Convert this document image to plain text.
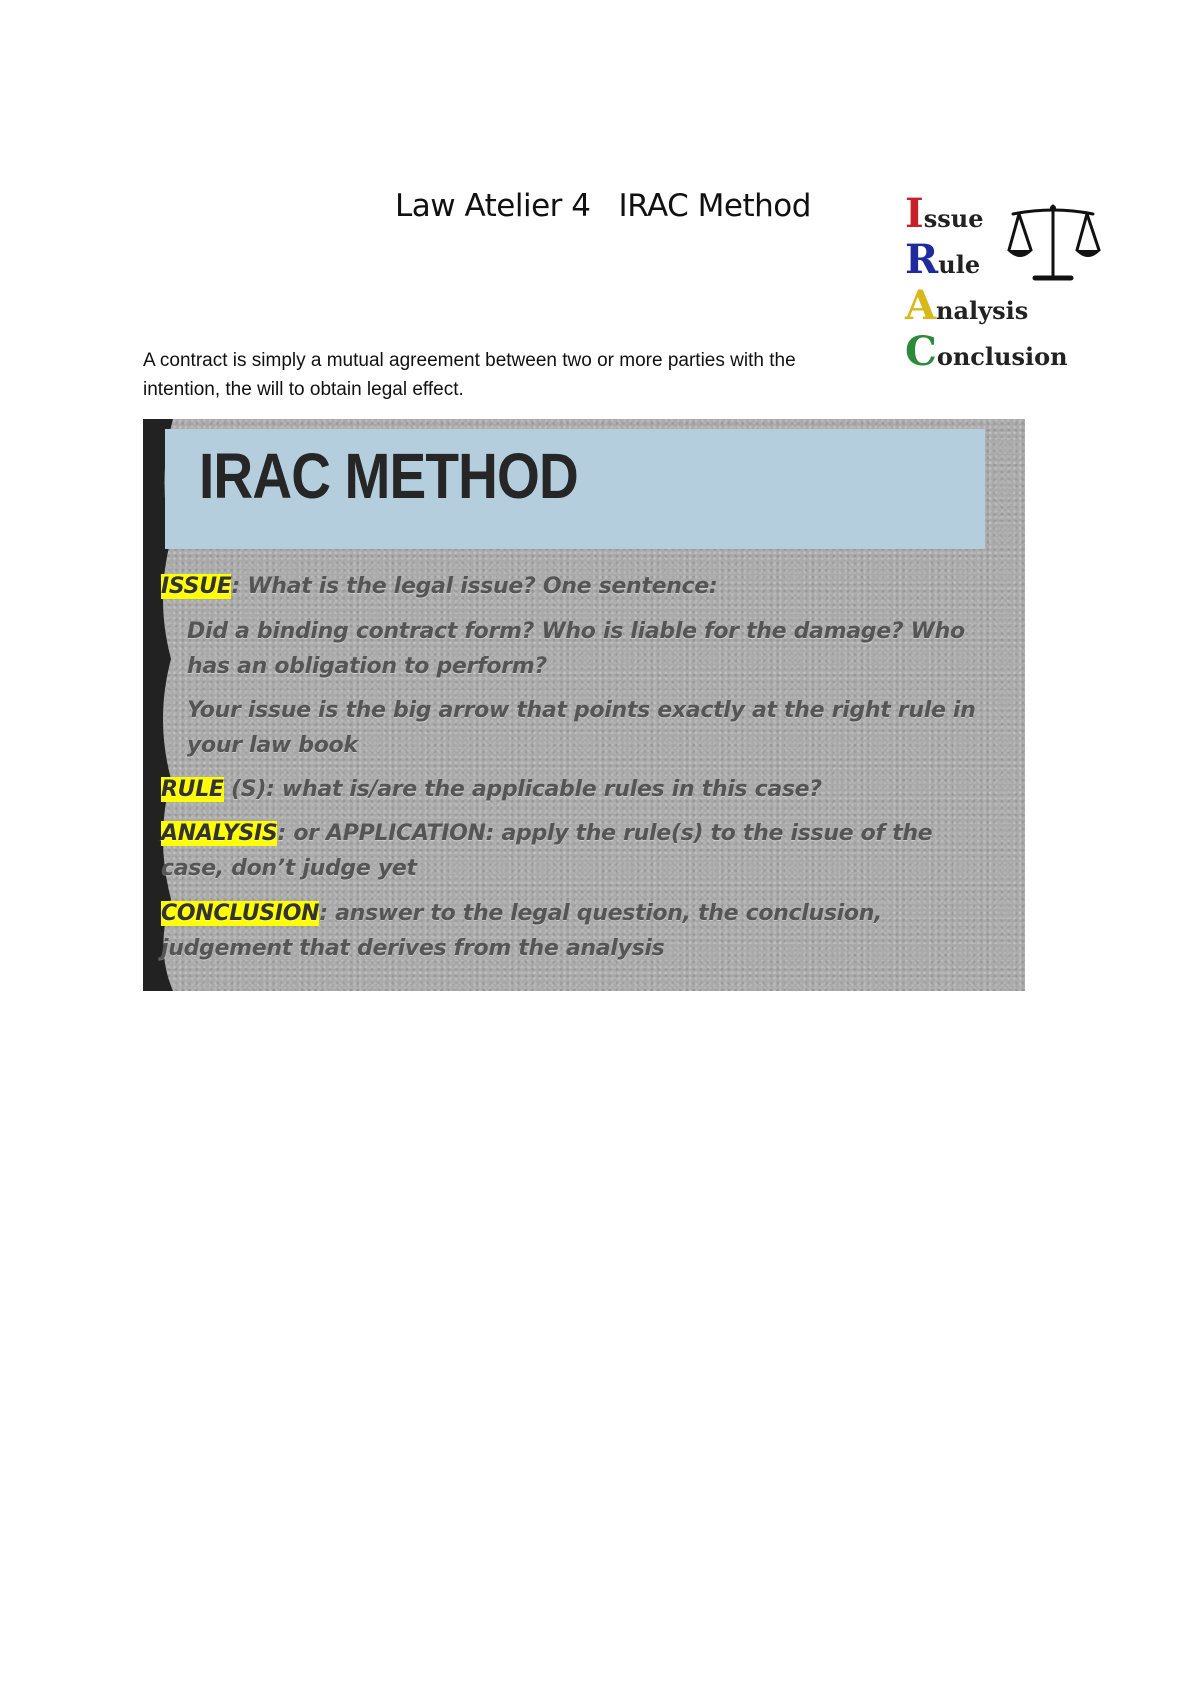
Law Atelier 4   IRAC Method Issue
Rule
Analysis
Conclusion
A contract is simply a mutual agreement between two or more parties with the intention, the will to obtain legal effect.
IRAC METHOD
ISSUE: What is the legal issue? One sentence:
Did a binding contract form? Who is liable for the damage? Who has an obligation to perform?
Your issue is the big arrow that points exactly at the right rule in your law book
RULE (S): what is/are the applicable rules in this case?
ANALYSIS: or APPLICATION: apply the rule(s) to the issue of the case, don’t judge yet
CONCLUSION: answer to the legal question, the conclusion, judgement that derives from the analysis
